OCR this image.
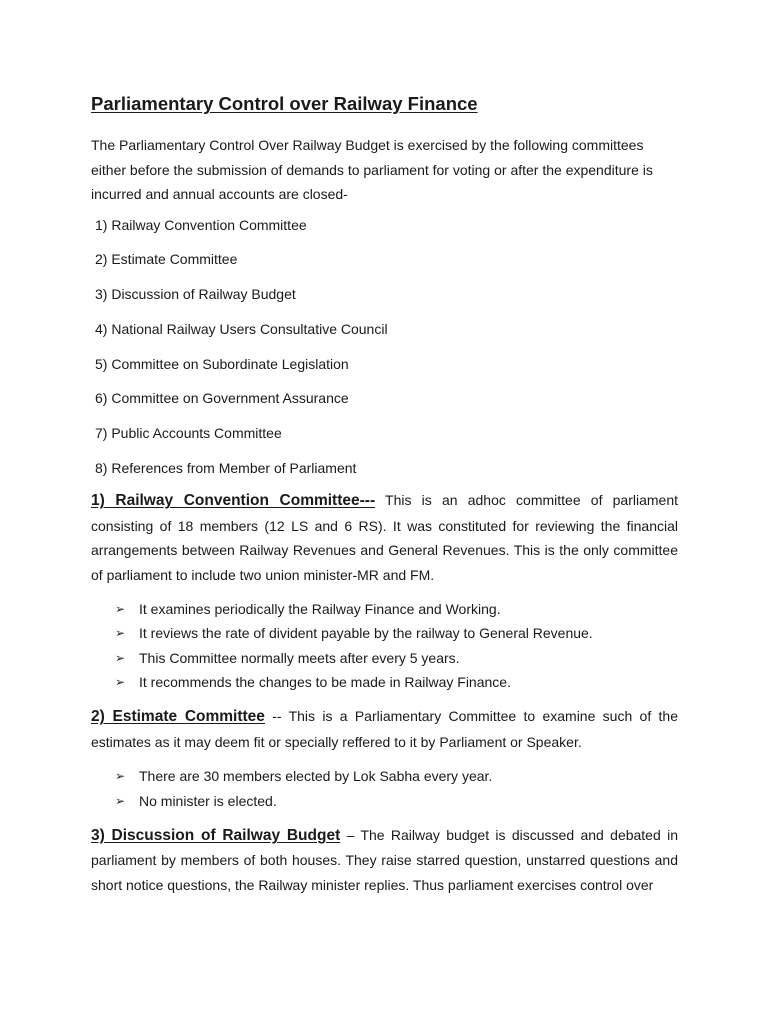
Parliamentary Control over Railway Finance

The Parliamentary Control Over Railway Budget is exercised by the following committees either before the submission of demands to parliament for voting or after the expenditure is incurred and annual accounts are closed-

1) Railway Convention Committee
2) Estimate Committee
3) Discussion of Railway Budget
4) National Railway Users Consultative Council
5) Committee on Subordinate Legislation
6) Committee on Government Assurance
7) Public Accounts Committee
8) References from Member of Parliament

1) Railway Convention Committee--- This is an adhoc committee of parliament consisting of 18 members (12 LS and 6 RS). It was constituted for reviewing the financial arrangements between Railway Revenues and General Revenues. This is the only committee of parliament to include two union minister-MR and FM.

➢ It examines periodically the Railway Finance and Working.
➢ It reviews the rate of divident payable by the railway to General Revenue.
➢ This Committee normally meets after every 5 years.
➢ It recommends the changes to be made in Railway Finance.

2) Estimate Committee -- This is a Parliamentary Committee to examine such of the estimates as it may deem fit or specially reffered to it by Parliament or Speaker.

➢ There are 30 members elected by Lok Sabha every year.
➢ No minister is elected.

3) Discussion of Railway Budget – The Railway budget is discussed and debated in parliament by members of both houses. They raise starred question, unstarred questions and short notice questions, the Railway minister replies. Thus parliament exercises control over
